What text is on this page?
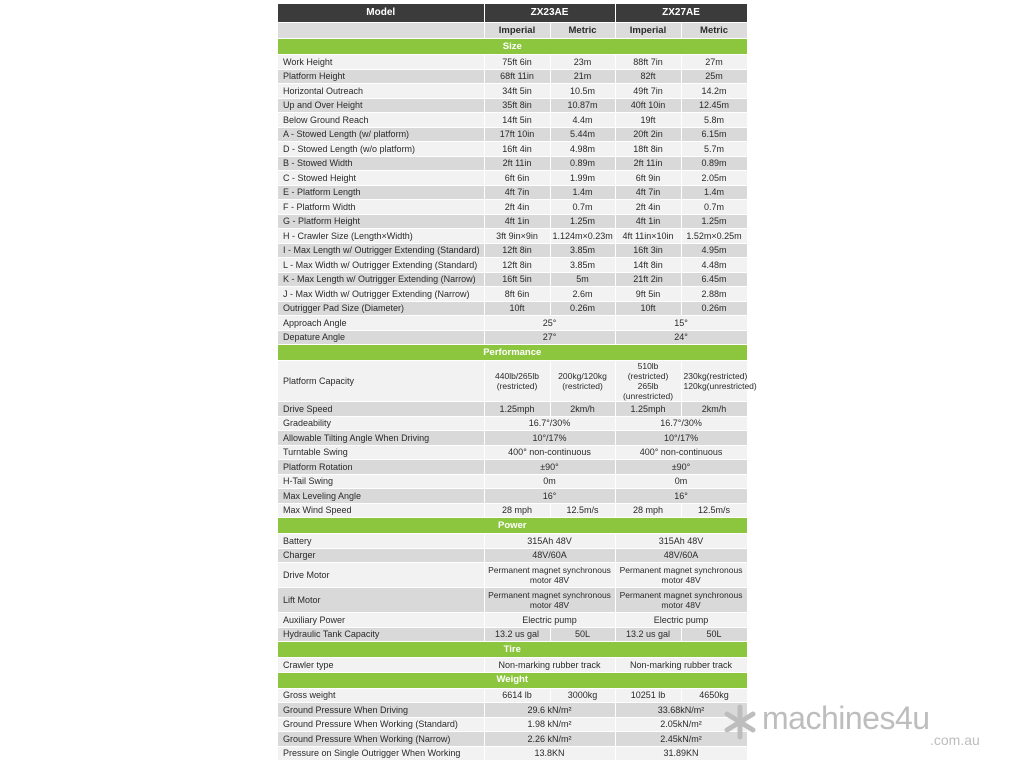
Model	ZX23AE		ZX27AE	
	Imperial	Metric	Imperial	Metric
Size				
Work Height	75ft 6in	23m	88ft 7in	27m
Platform Height	68ft 11in	21m	82ft	25m
Horizontal Outreach	34ft 5in	10.5m	49ft 7in	14.2m
Up and Over Height	35ft 8in	10.87m	40ft 10in	12.45m
Below Ground Reach	14ft 5in	4.4m	19ft	5.8m
A - Stowed Length (w/ platform)	17ft 10in	5.44m	20ft 2in	6.15m
D - Stowed Length (w/o platform)	16ft 4in	4.98m	18ft 8in	5.7m
B - Stowed Width	2ft 11in	0.89m	2ft 11in	0.89m
C - Stowed Height	6ft 6in	1.99m	6ft 9in	2.05m
E - Platform Length	4ft 7in	1.4m	4ft 7in	1.4m
F - Platform Width	2ft 4in	0.7m	2ft 4in	0.7m
G - Platform Height	4ft 1in	1.25m	4ft 1in	1.25m
H - Crawler Size (Length×Width)	3ft 9in×9in	1.124m×0.23m	4ft 11in×10in	1.52m×0.25m
I - Max Length w/ Outrigger Extending (Standard)	12ft 8in	3.85m	16ft 3in	4.95m
L - Max Width w/ Outrigger Extending (Standard)	12ft 8in	3.85m	14ft 8in	4.48m
K - Max Length w/ Outrigger Extending (Narrow)	16ft 5in	5m	21ft 2in	6.45m
J - Max Width w/ Outrigger Extending (Narrow)	8ft 6in	2.6m	9ft 5in	2.88m
Outrigger Pad Size (Diameter)	10ft	0.26m	10ft	0.26m
Approach Angle	25°		15°	
Depature Angle	27°		24°	
Performance				
Platform Capacity	440lb/265lb (restricted)	200kg/120kg (restricted)	510lb (restricted) 265lb (unrestricted)	230kg(restricted) 120kg(unrestricted)
Drive Speed	1.25mph	2km/h	1.25mph	2km/h
Gradeability	16.7°/30%		16.7°/30%	
Allowable Tilting Angle When Driving	10°/17%		10°/17%	
Turntable Swing	400° non-continuous		400° non-continuous	
Platform Rotation	±90°		±90°	
H-Tail Swing	0m		0m	
Max Leveling Angle	16°		16°	
Max Wind Speed	28 mph	12.5m/s	28 mph	12.5m/s
Power				
Battery	315Ah 48V		315Ah 48V	
Charger	48V/60A		48V/60A	
Drive Motor	Permanent magnet synchronous motor 48V		Permanent magnet synchronous motor 48V	
Lift Motor	Permanent magnet synchronous motor 48V		Permanent magnet synchronous motor 48V	
Auxiliary Power	Electric pump		Electric pump	
Hydraulic Tank Capacity	13.2 us gal	50L	13.2 us gal	50L
Tire				
Crawler type	Non-marking rubber track		Non-marking rubber track	
Weight				
Gross weight	6614 lb	3000kg	10251 lb	4650kg
Ground Pressure When Driving	29.6 kN/m²		33.68kN/m²	
Ground Pressure When Working (Standard)	1.98 kN/m²		2.05kN/m²	
Ground Pressure When Working (Narrow)	2.26 kN/m²		2.45kN/m²	
Pressure on Single Outrigger When Working	13.8KN		31.89KN	
machines4u
.com.au
